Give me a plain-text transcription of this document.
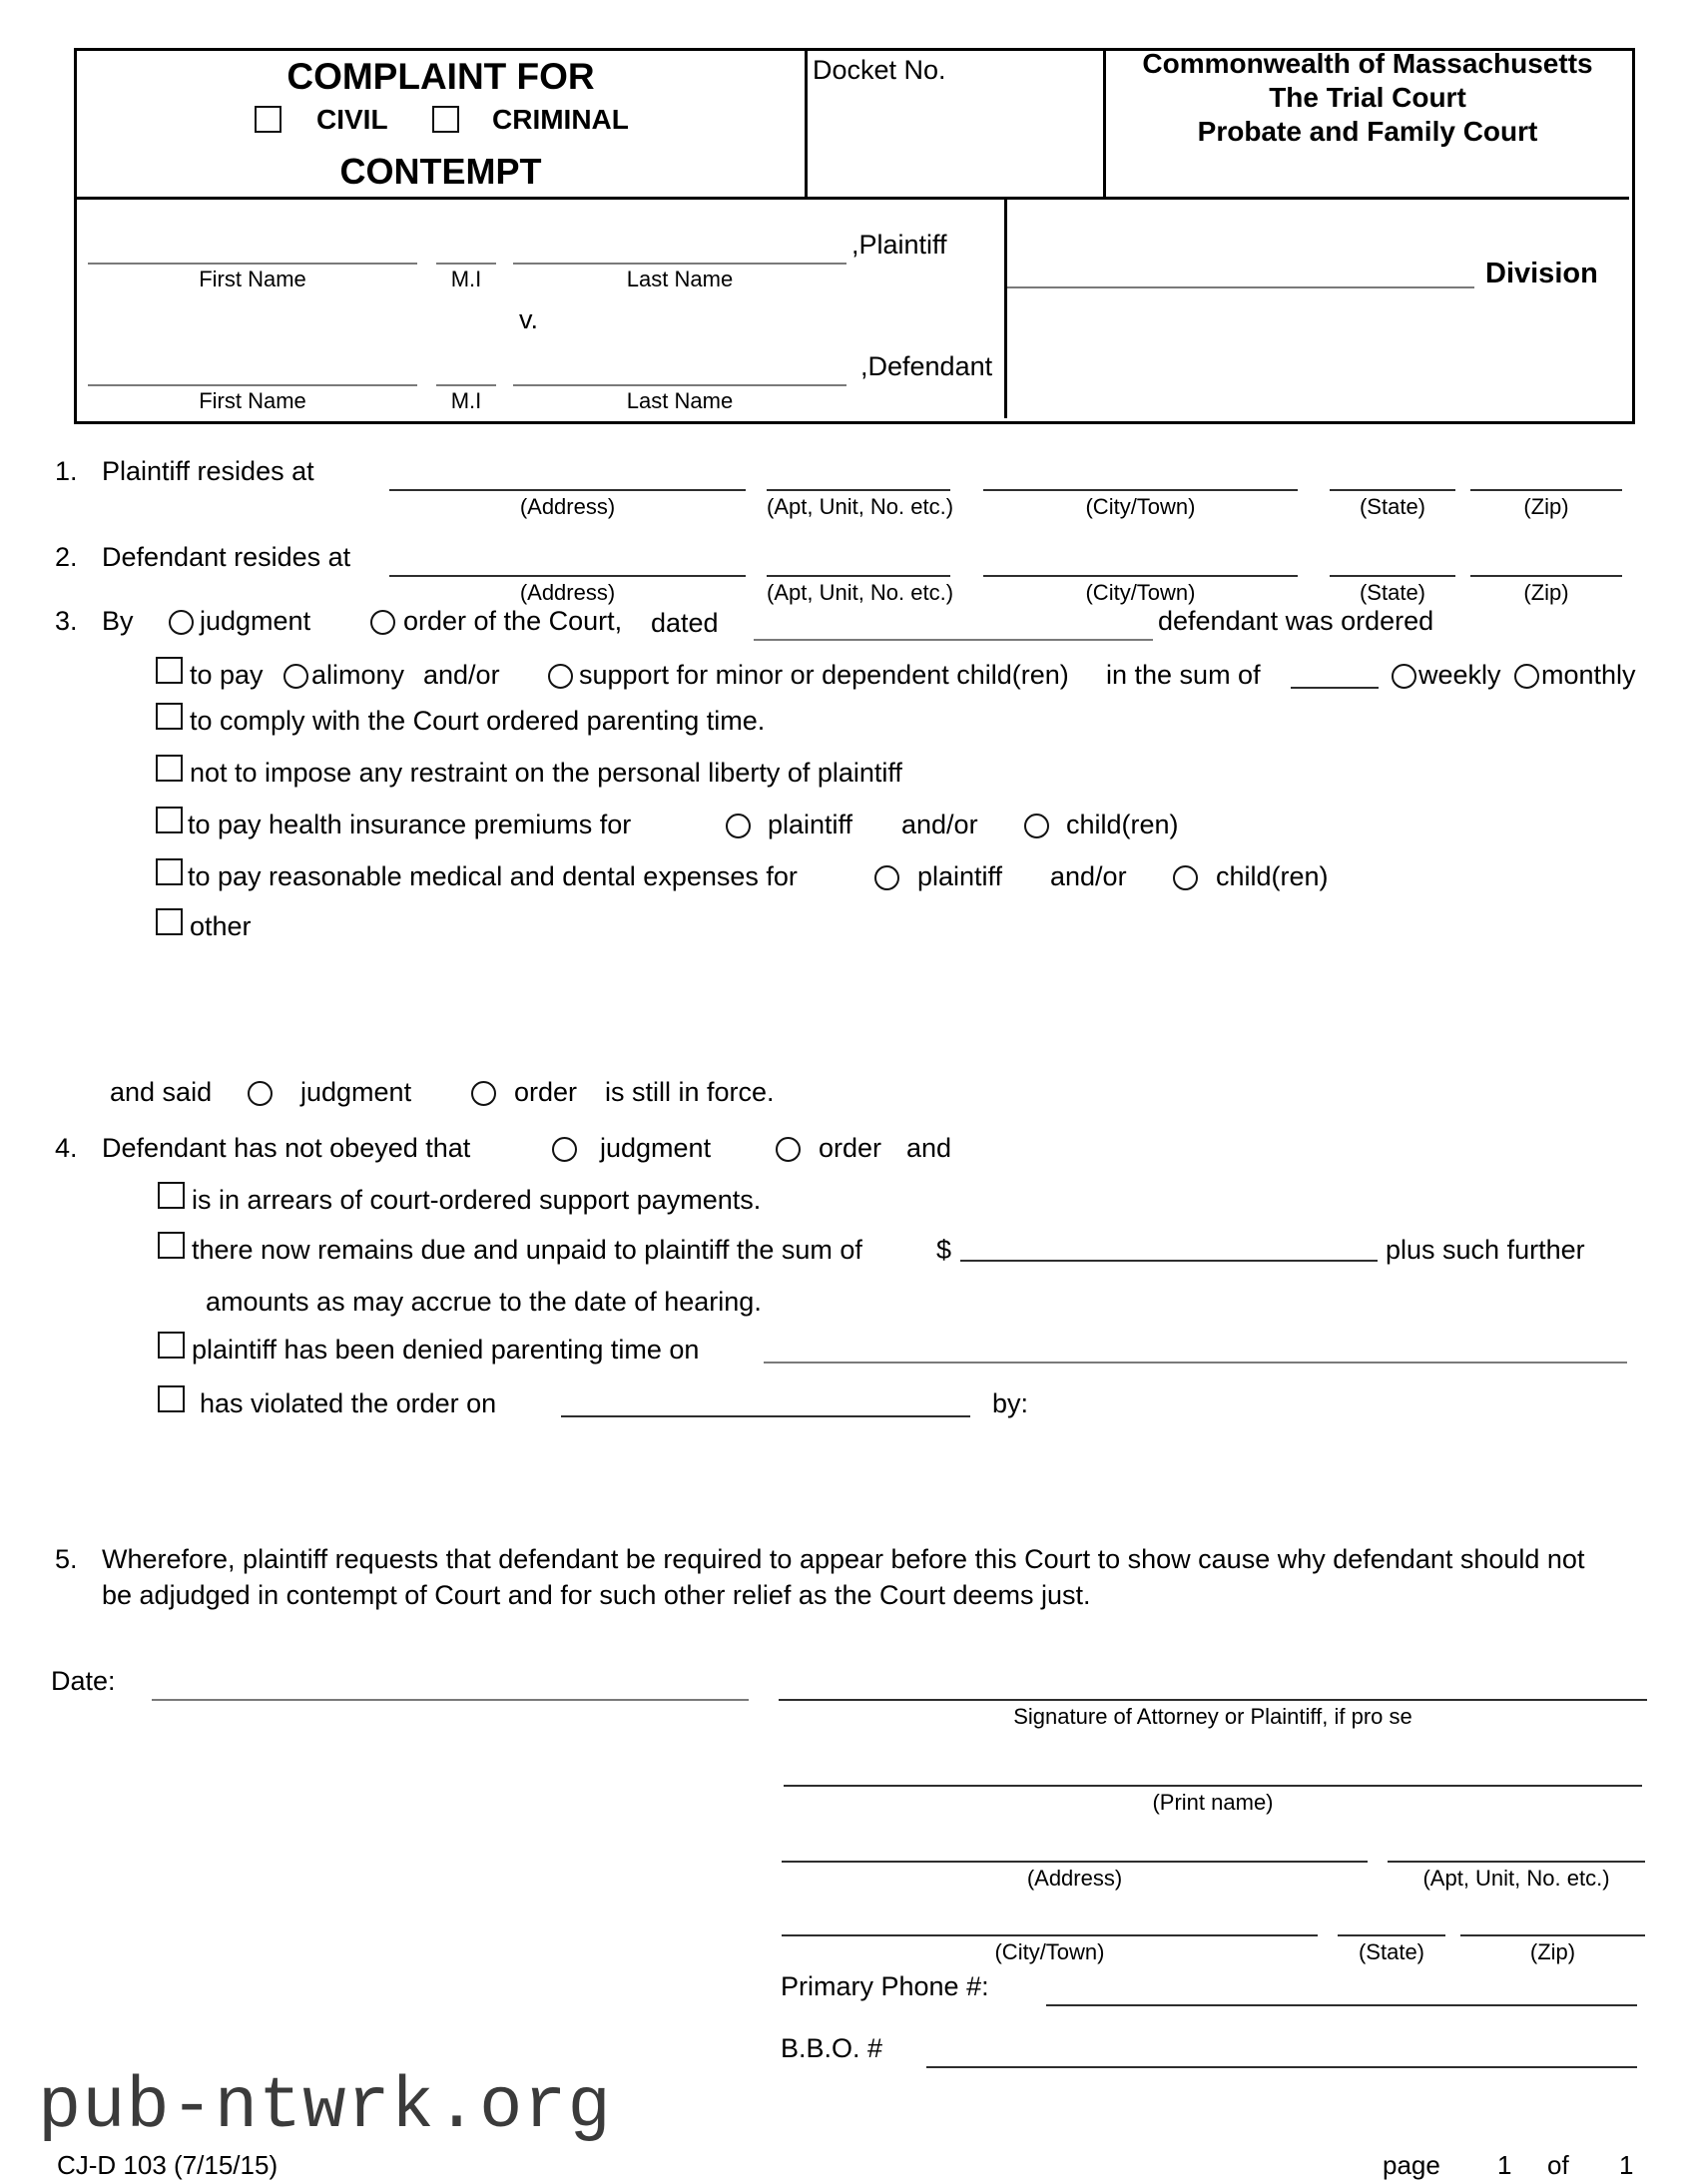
COMPLAINT FOR
CIVIL	CRIMINAL
CONTEMPT
Docket No.	Commonwealth of Massachusetts
The Trial Court
Probate and Family Court
,Plaintiff
First Name	M.I	Last Name
v.
,Defendant
First Name	M.I	Last Name
Division
1. Plaintiff resides at
(Address)	(Apt, Unit, No. etc.)	(City/Town)	(State)	(Zip)
2. Defendant resides at
(Address)	(Apt, Unit, No. etc.)	(City/Town)	(State)	(Zip)
3. By judgment	order of the Court, dated	defendant was ordered
to pay alimony and/or	support for minor or dependent child(ren) in the sum of	weekly monthly
to comply with the Court ordered parenting time.
not to impose any restraint on the personal liberty of plaintiff
to pay health insurance premiums for	plaintiff and/or	child(ren)
to pay reasonable medical and dental expenses for	plaintiff and/or	child(ren)
other
and said	judgment	order is still in force.
4. Defendant has not obeyed that	judgment	order and
is in arrears of court-ordered support payments.
there now remains due and unpaid to plaintiff the sum of	$	plus such further
amounts as may accrue to the date of hearing.
plaintiff has been denied parenting time on
has violated the order on	by:
5. Wherefore, plaintiff requests that defendant be required to appear before this Court to show cause why defendant should not
be adjudged in contempt of Court and for such other relief as the Court deems just.
Date:
Signature of Attorney or Plaintiff, if pro se
(Print name)
(Address)	(Apt, Unit, No. etc.)
(City/Town)	(State)	(Zip)
Primary Phone #:
B.B.O. #
pub-ntwrk.org
CJ-D 103 (7/15/15)	page 1 of 1
